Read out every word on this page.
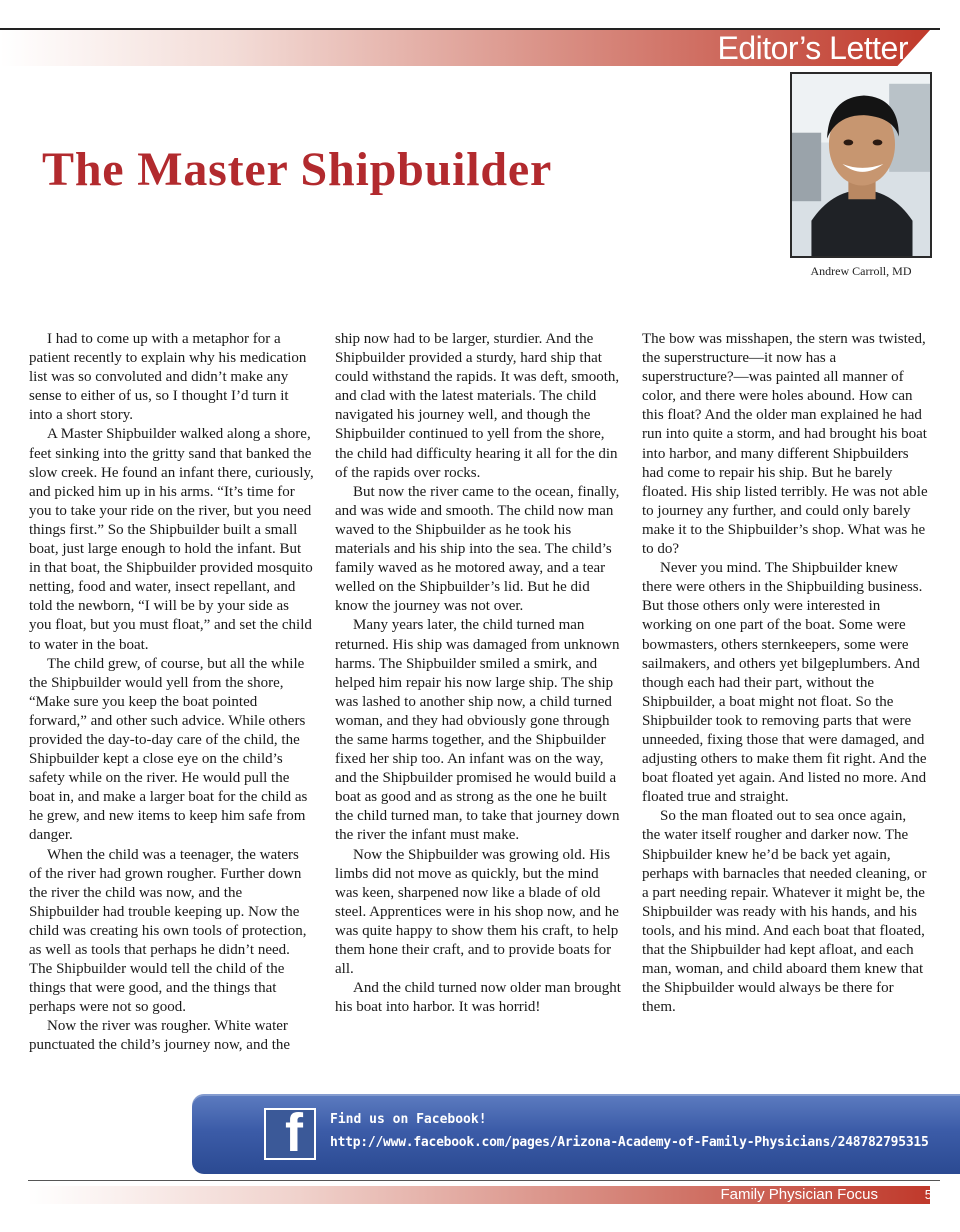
Editor’s Letter
The Master Shipbuilder
Andrew Carroll, MD

I had to come up with a metaphor for a patient recently to explain why his medication list was so convoluted and didn’t make any sense to either of us, so I thought I’d turn it into a short story.

A Master Shipbuilder walked along a shore, feet sinking into the gritty sand that banked the slow creek. He found an infant there, curiously, and picked him up in his arms. “It’s time for you to take your ride on the river, but you need things first.” So the Shipbuilder built a small boat, just large enough to hold the infant. But in that boat, the Shipbuilder provided mosquito netting, food and water, insect repellant, and told the newborn, “I will be by your side as you float, but you must float,” and set the child to water in the boat.

The child grew, of course, but all the while the Shipbuilder would yell from the shore, “Make sure you keep the boat pointed forward,” and other such advice. While others provided the day-to-day care of the child, the Shipbuilder kept a close eye on the child’s safety while on the river. He would pull the boat in, and make a larger boat for the child as he grew, and new items to keep him safe from danger.

When the child was a teenager, the waters of the river had grown rougher. Further down the river the child was now, and the Shipbuilder had trouble keeping up. Now the child was creating his own tools of protection, as well as tools that perhaps he didn’t need. The Shipbuilder would tell the child of the things that were good, and the things that perhaps were not so good.

Now the river was rougher. White water punctuated the child’s journey now, and the

ship now had to be larger, sturdier. And the Shipbuilder provided a sturdy, hard ship that could withstand the rapids. It was deft, smooth, and clad with the latest materials. The child navigated his journey well, and though the Shipbuilder continued to yell from the shore, the child had difficulty hearing it all for the din of the rapids over rocks.

But now the river came to the ocean, finally, and was wide and smooth. The child now man waved to the Shipbuilder as he took his materials and his ship into the sea. The child’s family waved as he motored away, and a tear welled on the Shipbuilder’s lid. But he did know the journey was not over.

Many years later, the child turned man returned. His ship was damaged from unknown harms. The Shipbuilder smiled a smirk, and helped him repair his now large ship. The ship was lashed to another ship now, a child turned woman, and they had obviously gone through the same harms together, and the Shipbuilder fixed her ship too. An infant was on the way, and the Shipbuilder promised he would build a boat as good and as strong as the one he built the child turned man, to take that journey down the river the infant must make.

Now the Shipbuilder was growing old. His limbs did not move as quickly, but the mind was keen, sharpened now like a blade of old steel. Apprentices were in his shop now, and he was quite happy to show them his craft, to help them hone their craft, and to provide boats for all.

And the child turned now older man brought his boat into harbor. It was horrid!

The bow was misshapen, the stern was twisted, the superstructure—it now has a superstructure?—was painted all manner of color, and there were holes abound. How can this float? And the older man explained he had run into quite a storm, and had brought his boat into harbor, and many different Shipbuilders had come to repair his ship. But he barely floated. His ship listed terribly. He was not able to journey any further, and could only barely make it to the Shipbuilder’s shop. What was he to do?

Never you mind. The Shipbuilder knew there were others in the Shipbuilding business. But those others only were interested in working on one part of the boat. Some were bowmasters, others sternkeepers, some were sailmakers, and others yet bilgeplumbers. And though each had their part, without the Shipbuilder, a boat might not float. So the Shipbuilder took to removing parts that were unneeded, fixing those that were damaged, and adjusting others to make them fit right. And the boat floated yet again. And listed no more. And floated true and straight.

So the man floated out to sea once again, the water itself rougher and darker now. The Shipbuilder knew he’d be back yet again, perhaps with barnacles that needed cleaning, or a part needing repair. Whatever it might be, the Shipbuilder was ready with his hands, and his tools, and his mind. And each boat that floated, that the Shipbuilder had kept afloat, and each man, woman, and child aboard them knew that the Shipbuilder would always be there for them.

f Find us on Facebook!
http://www.facebook.com/pages/Arizona-Academy-of-Family-Physicians/248782795315
Family Physician Focus	5
